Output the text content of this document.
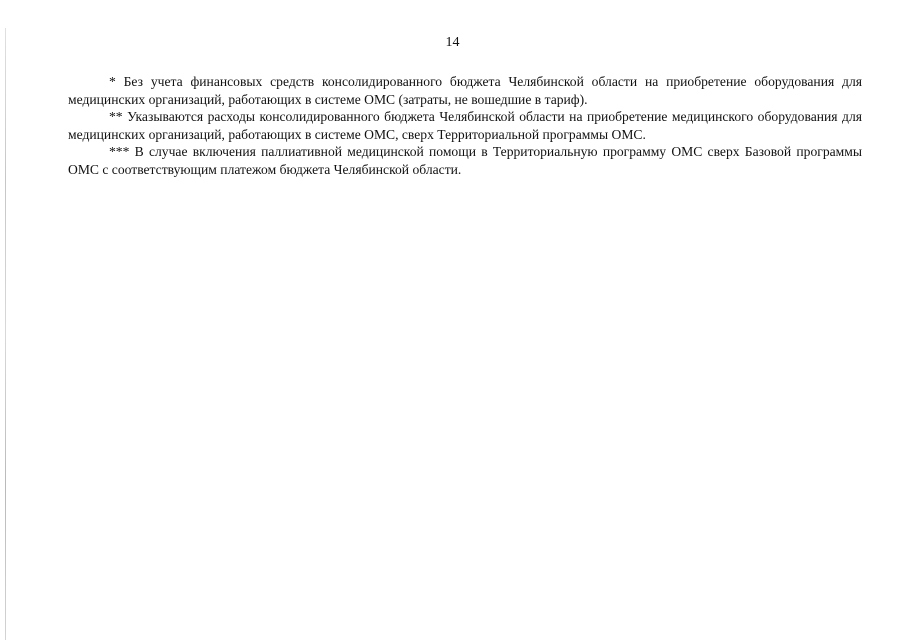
14

* Без учета финансовых средств консолидированного бюджета Челябинской области на приобретение оборудования для медицинских организаций, работающих в системе ОМС (затраты, не вошедшие в тариф).

** Указываются расходы консолидированного бюджета Челябинской области на приобретение медицинского оборудования для медицинских организаций, работающих в системе ОМС, сверх Территориальной программы ОМС.

*** В случае включения паллиативной медицинской помощи в Территориальную программу ОМС сверх Базовой программы ОМС с соответствующим платежом бюджета Челябинской области.
